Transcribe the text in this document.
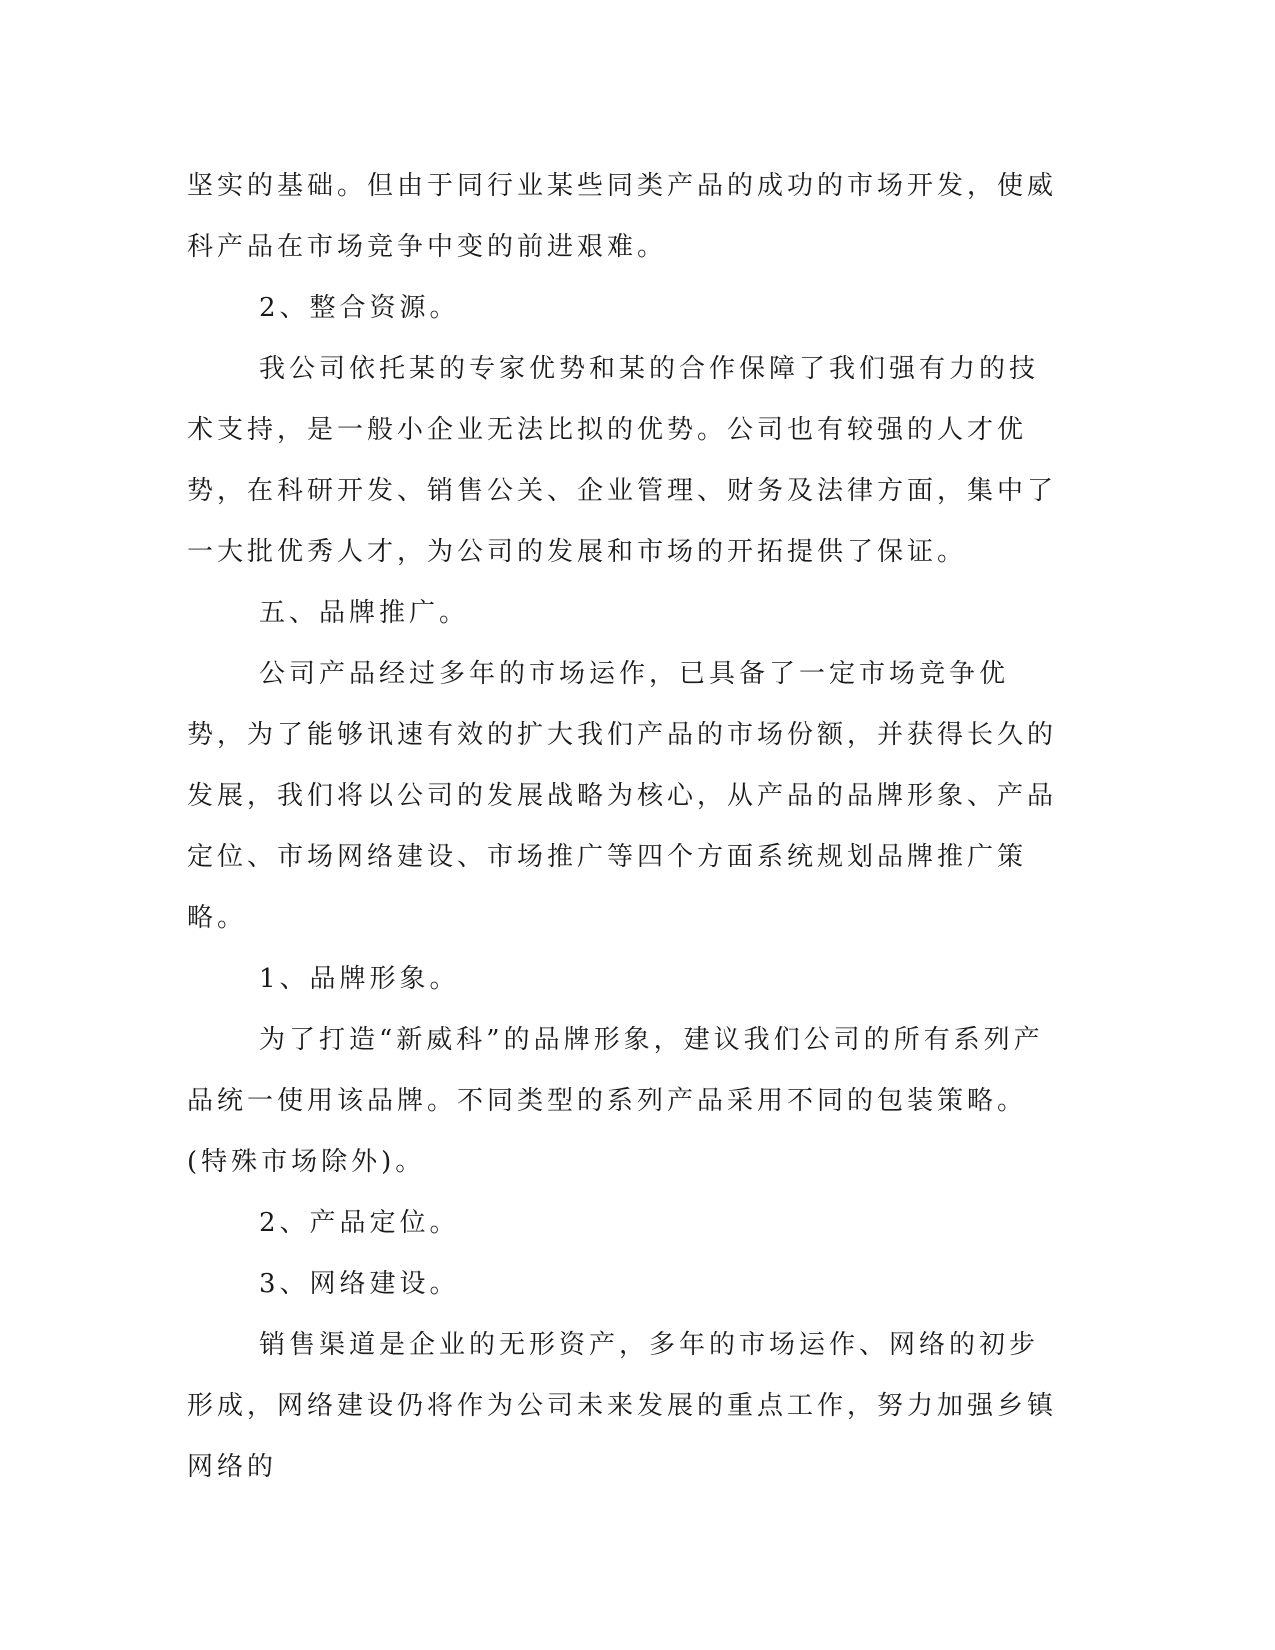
坚实的基础。但由于同行业某些同类产品的成功的市场开发，使威科产品在市场竞争中变的前进艰难。

2、整合资源。

我公司依托某的专家优势和某的合作保障了我们强有力的技术支持，是一般小企业无法比拟的优势。公司也有较强的人才优势，在科研开发、销售公关、企业管理、财务及法律方面，集中了一大批优秀人才，为公司的发展和市场的开拓提供了保证。

五、品牌推广。

公司产品经过多年的市场运作，已具备了一定市场竞争优势，为了能够讯速有效的扩大我们产品的市场份额，并获得长久的发展，我们将以公司的发展战略为核心，从产品的品牌形象、产品定位、市场网络建设、市场推广等四个方面系统规划品牌推广策略。

1、品牌形象。

为了打造“新威科”的品牌形象，建议我们公司的所有系列产品统一使用该品牌。不同类型的系列产品采用不同的包装策略。(特殊市场除外)。

2、产品定位。

3、网络建设。

销售渠道是企业的无形资产，多年的市场运作、网络的初步形成，网络建设仍将作为公司未来发展的重点工作，努力加强乡镇网络的
